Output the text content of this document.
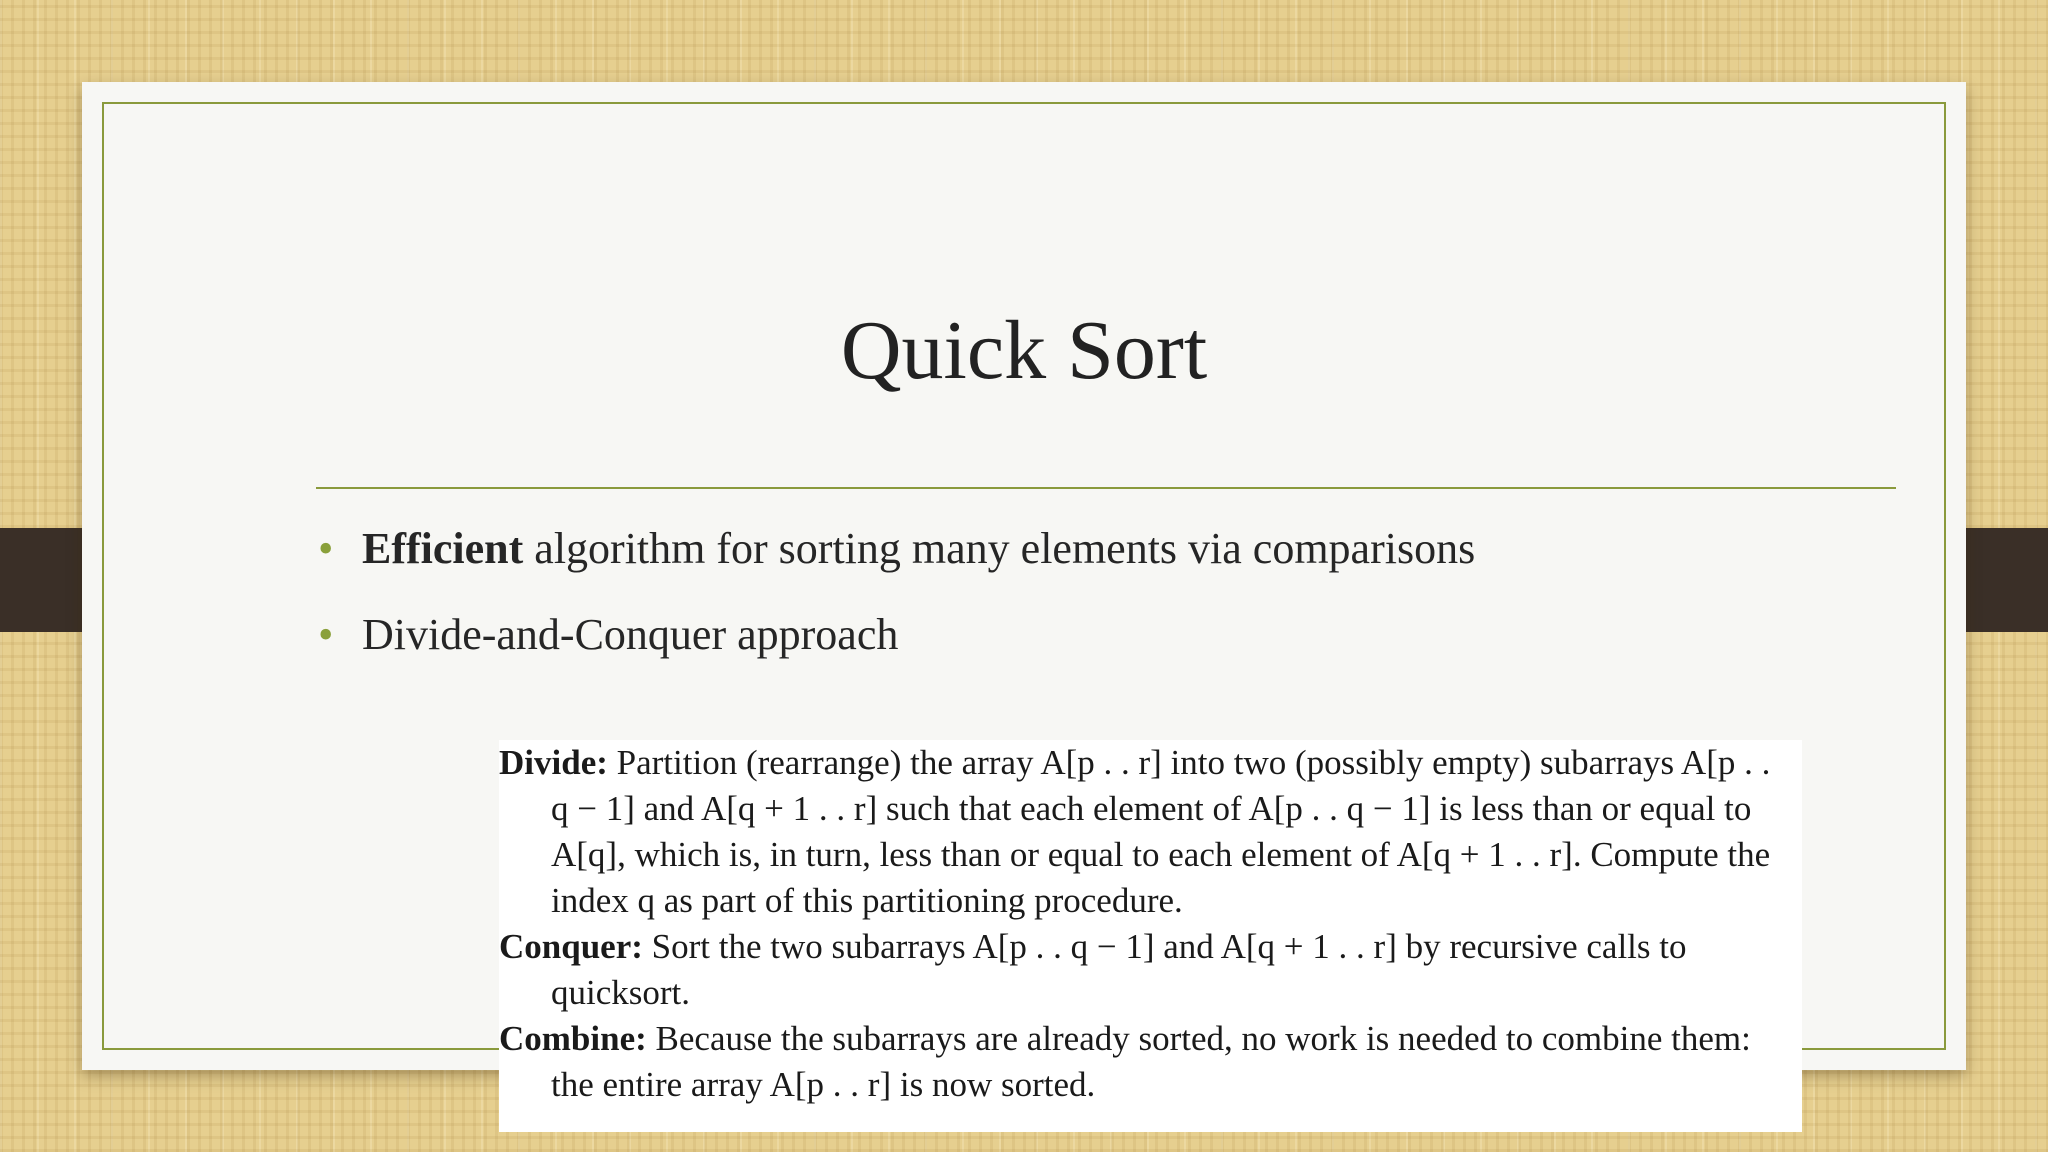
Quick Sort
• Efficient algorithm for sorting many elements via comparisons
• Divide-and-Conquer approach

Divide: Partition (rearrange) the array A[p . . r] into two (possibly empty) subarrays A[p . . q − 1] and A[q + 1 . . r] such that each element of A[p . . q − 1] is less than or equal to A[q], which is, in turn, less than or equal to each element of A[q + 1 . . r]. Compute the index q as part of this partitioning procedure.

Conquer: Sort the two subarrays A[p . . q − 1] and A[q + 1 . . r] by recursive calls to quicksort.

Combine: Because the subarrays are already sorted, no work is needed to combine them: the entire array A[p . . r] is now sorted.
